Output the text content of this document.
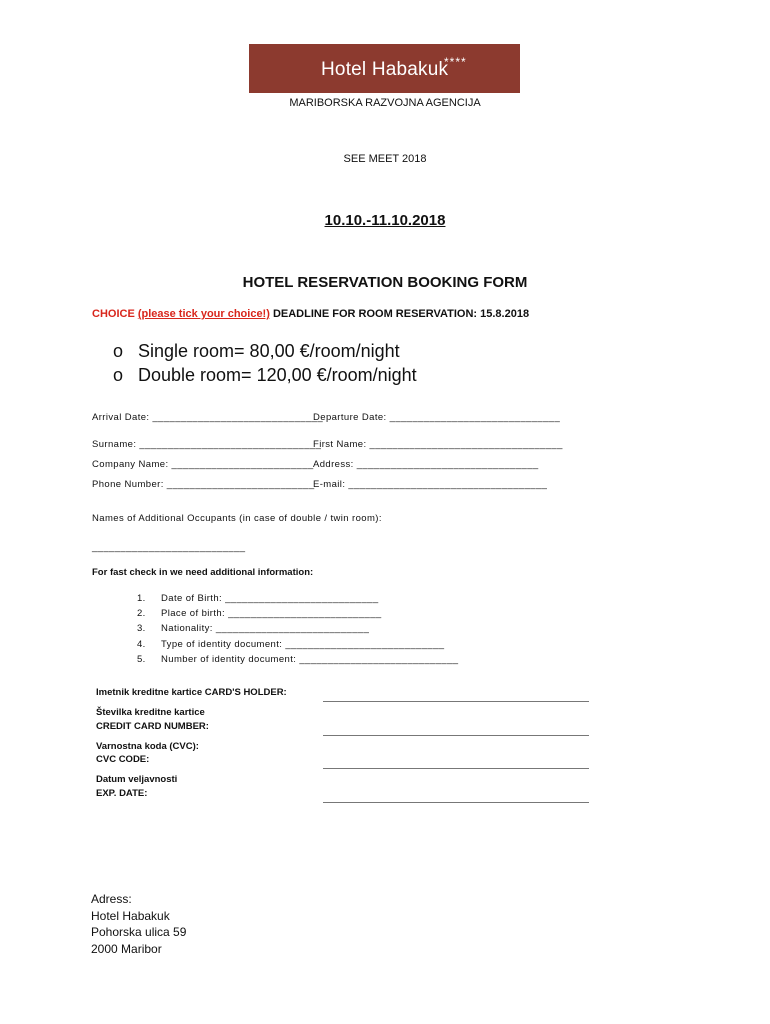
Hotel Habakuk
****
MARIBORSKA RAZVOJNA AGENCIJA
SEE MEET 2018
10.10.-11.10.2018
HOTEL RESERVATION BOOKING FORM
CHOICE (please tick your choice!) DEADLINE FOR ROOM RESERVATION: 15.8.2018
o Single room= 80,00 €/room/night
o Double room= 120,00 €/room/night
Arrival Date: ______________________________
Departure Date: ______________________________
Surname: ________________________________
First Name: __________________________________
Company Name: _________________________ Address: ________________________________
Phone Number: __________________________
E-mail: ___________________________________
Names of Additional Occupants (in case of double / twin room):
___________________________
For fast check in we need additional information:
1. Date of Birth: ___________________________
2. Place of birth: ___________________________
3. Nationality: ___________________________
4. Type of identity document: ____________________________
5. Number of identity document: ____________________________
Imetnik kreditne kartice CARD'S HOLDER:
Številka kreditne kartice
CREDIT CARD NUMBER:
Varnostna koda (CVC):
CVC CODE:
Datum veljavnosti
EXP. DATE:
Adress:
Hotel Habakuk
Pohorska ulica 59
2000 Maribor
